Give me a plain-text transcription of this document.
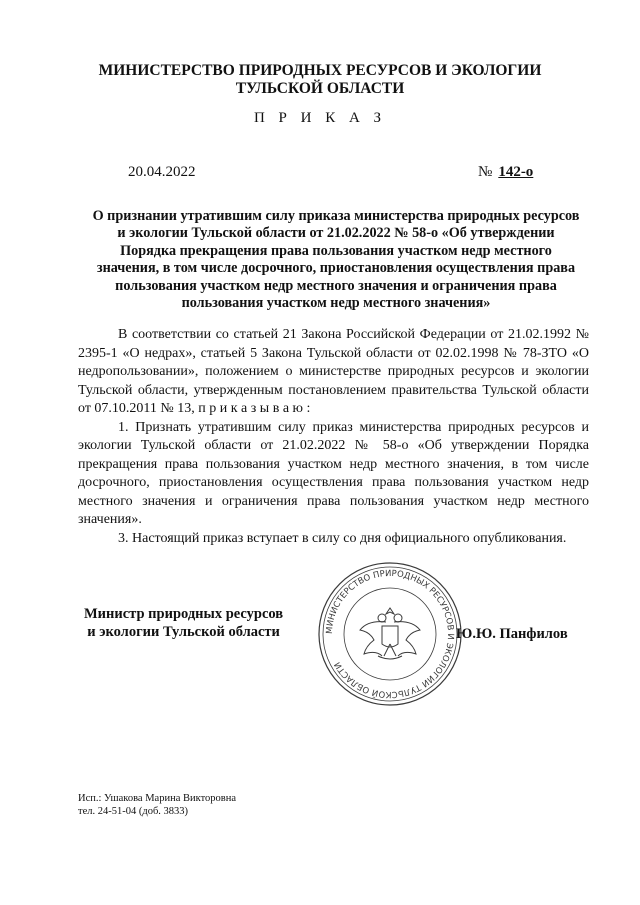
МИНИСТЕРСТВО ПРИРОДНЫХ РЕСУРСОВ И ЭКОЛОГИИ
ТУЛЬСКОЙ ОБЛАСТИ
П Р И К А З
20.04.2022	№ 142-о
О признании утратившим силу приказа министерства природных ресурсов
и экологии Тульской области от 21.02.2022 № 58-о «Об утверждении
Порядка прекращения права пользования участком недр местного
значения, в том числе досрочного, приостановления осуществления права
пользования участком недр местного значения и ограничения права
пользования участком недр местного значения»

В соответствии со статьей 21 Закона Российской Федерации от 21.02.1992 № 2395-1 «О недрах», статьей 5 Закона Тульской области от 02.02.1998 № 78-ЗТО «О недропользовании», положением о министерстве природных ресурсов и экологии Тульской области, утвержденным постановлением правительства Тульской области от 07.10.2011 № 13, п р и к а з ы в а ю :

1. Признать утратившим силу приказ министерства природных ресурсов и экологии Тульской области от 21.02.2022 № 58-о «Об утверждении Порядка прекращения права пользования участком недр местного значения, в том числе досрочного, приостановления осуществления права пользования участком недр местного значения и ограничения права пользования участком недр местного значения».

3. Настоящий приказ вступает в силу со дня официального опубликования.

МИНИСТЕРСТВО ПРИРОДНЫХ РЕСУРСОВ И ЭКОЛОГИИ ТУЛЬСКОЙ ОБЛАСТИ
Министр природных ресурсов
и экологии Тульской области	Ю.Ю. Панфилов
Исп.: Ушакова Марина Викторовна
тел. 24-51-04 (доб. 3833)
